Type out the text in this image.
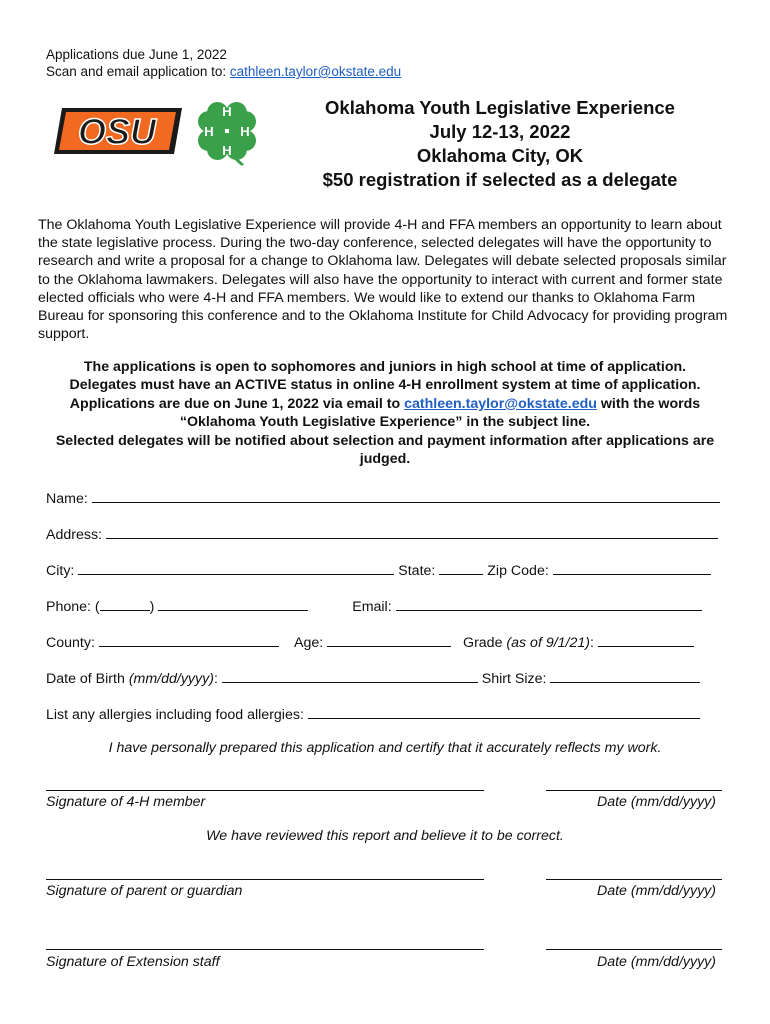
Applications due June 1, 2022
Scan and email application to: cathleen.taylor@okstate.edu
OSU	H
H
H
H
Oklahoma Youth Legislative Experience
July 12-13, 2022
Oklahoma City, OK
$50 registration if selected as a delegate
The Oklahoma Youth Legislative Experience will provide 4-H and FFA members an opportunity to learn about the state legislative process. During the two-day conference, selected delegates will have the opportunity to research and write a proposal for a change to Oklahoma law. Delegates will debate selected proposals similar to the Oklahoma lawmakers. Delegates will also have the opportunity to interact with current and former state elected officials who were 4-H and FFA members. We would like to extend our thanks to Oklahoma Farm Bureau for sponsoring this conference and to the Oklahoma Institute for Child Advocacy for providing program support.
The applications is open to sophomores and juniors in high school at time of application.
Delegates must have an ACTIVE status in online 4-H enrollment system at time of application.
Applications are due on June 1, 2022 via email to cathleen.taylor@okstate.edu with the words
“Oklahoma Youth Legislative Experience” in the subject line.
Selected delegates will be notified about selection and payment information after applications are judged.
Name:
Address:
City:	State:	Zip Code:
Phone: (	)	Email:
County:	Age:	Grade (as of 9/1/21):
Date of Birth (mm/dd/yyyy):	Shirt Size:
List any allergies including food allergies:
I have personally prepared this application and certify that it accurately reflects my work.
Signature of 4-H member	Date (mm/dd/yyyy)
We have reviewed this report and believe it to be correct.
Signature of parent or guardian	Date (mm/dd/yyyy)
Signature of Extension staff	Date (mm/dd/yyyy)
